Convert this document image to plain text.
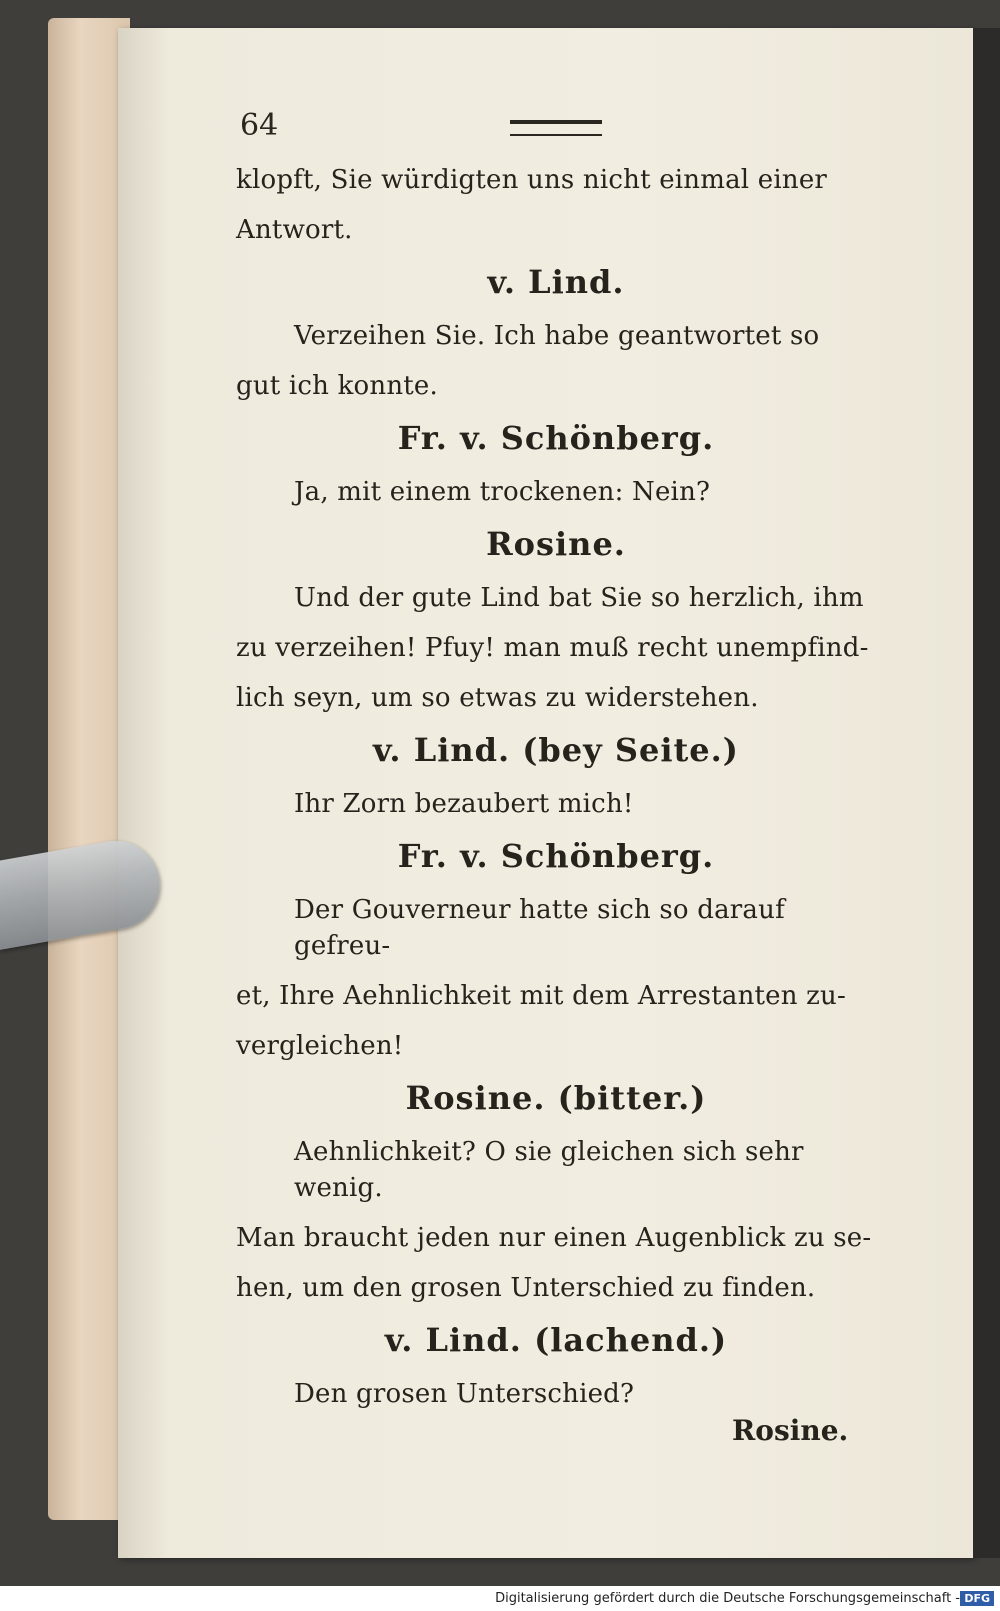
64
klopft, Sie würdigten uns nicht einmal einer
Antwort.
v. Lind.
Verzeihen Sie. Ich habe geantwortet so
gut ich konnte.
Fr. v. Schönberg.
Ja, mit einem trockenen: Nein?
Rosine.
Und der gute Lind bat Sie so herzlich, ihm
zu verzeihen! Pfuy! man muß recht unempfind-
lich seyn, um so etwas zu widerstehen.
v. Lind. (bey Seite.)
Ihr Zorn bezaubert mich!
Fr. v. Schönberg.
Der Gouverneur hatte sich so darauf gefreu-
et, Ihre Aehnlichkeit mit dem Arrestanten zu-
vergleichen!
Rosine. (bitter.)
Aehnlichkeit? O sie gleichen sich sehr wenig.
Man braucht jeden nur einen Augenblick zu se-
hen, um den grosen Unterschied zu finden.
v. Lind. (lachend.)
Den grosen Unterschied?
Rosine.
Digitalisierung gefördert durch die Deutsche Forschungsgemeinschaft - DFG
